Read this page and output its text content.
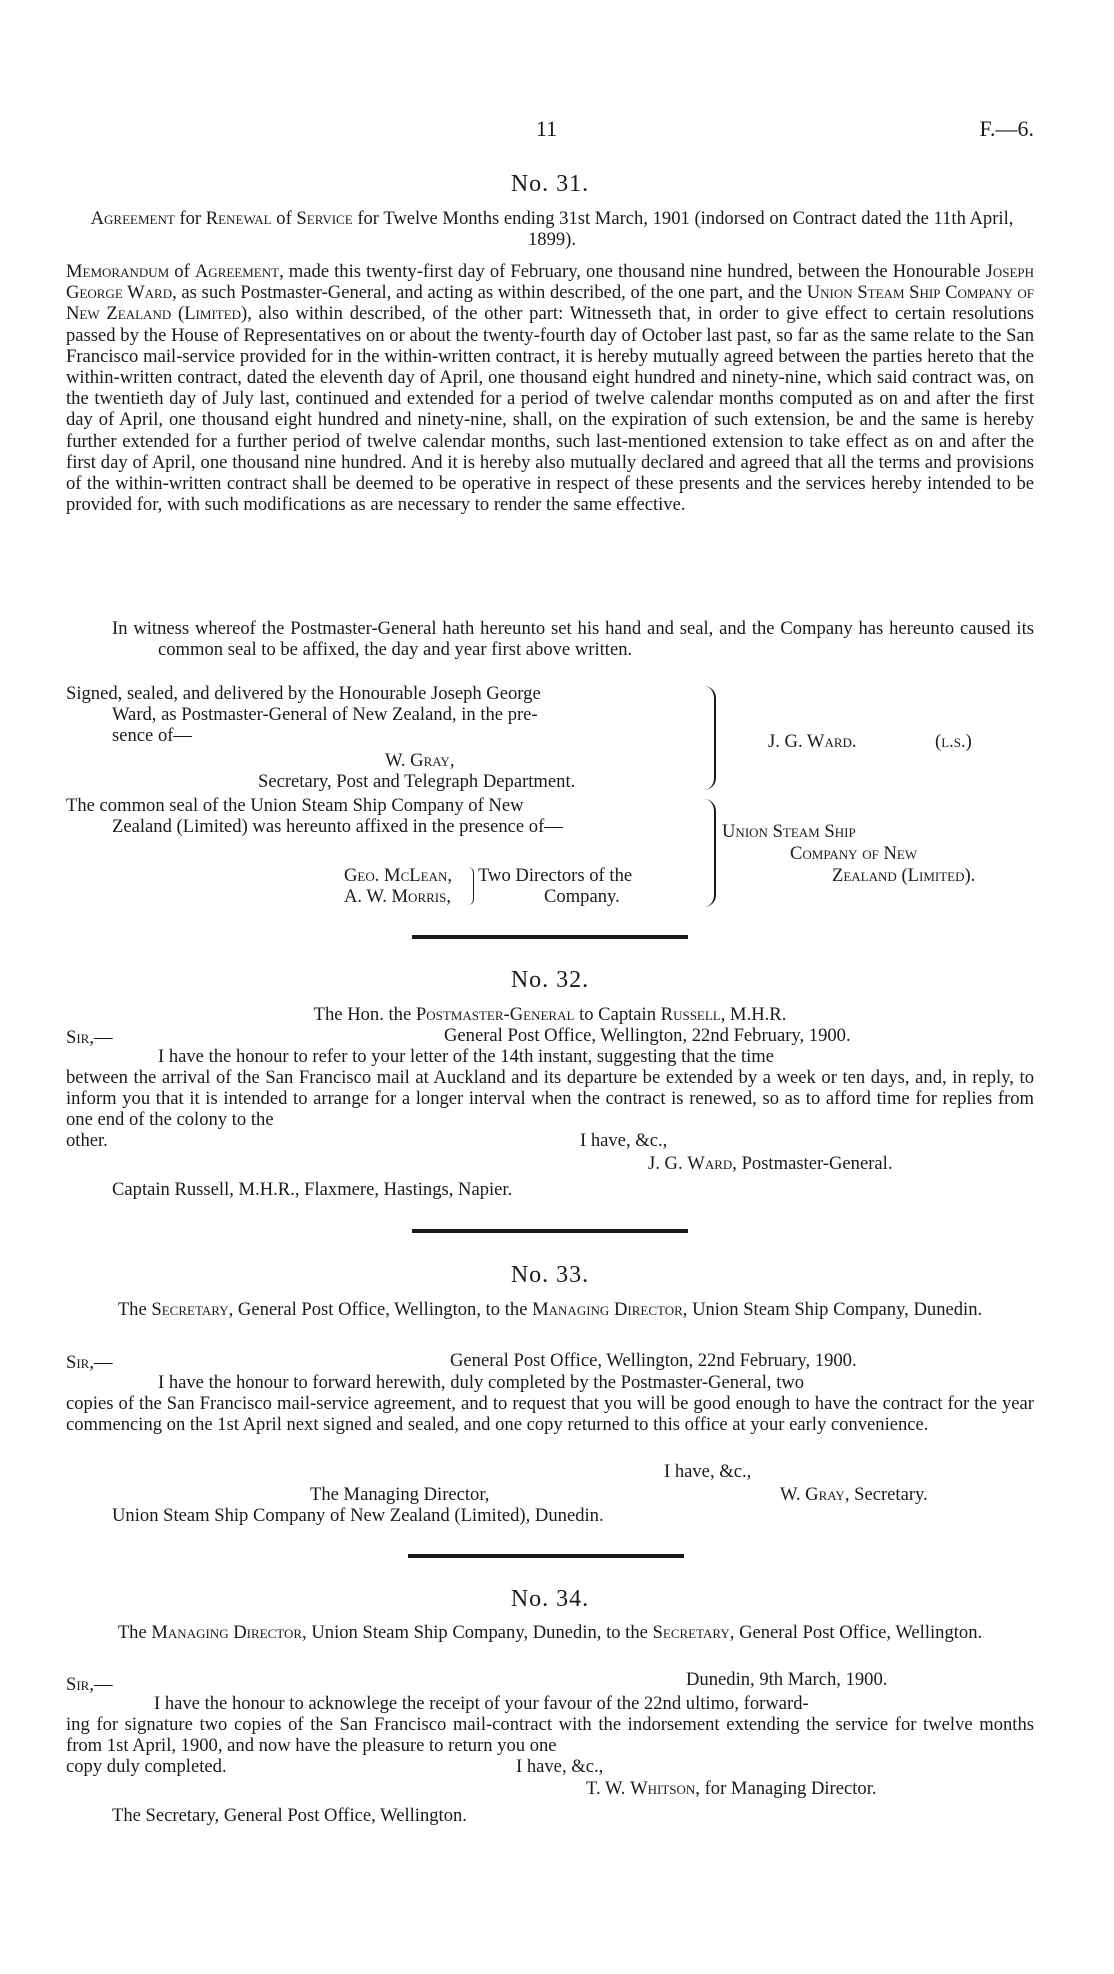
11	F.—6.
No. 31.
Agreement for Renewal of Service for Twelve Months ending 31st March, 1901 (indorsed on Contract dated the 11th April, 1899).
Memorandum of Agreement, made this twenty-first day of February, one thousand nine hundred, between the Honourable Joseph George Ward, as such Postmaster-General, and acting as within described, of the one part, and the Union Steam Ship Company of New Zealand (Limited), also within described, of the other part: Witnesseth that, in order to give effect to certain resolutions passed by the House of Representatives on or about the twenty-fourth day of October last past, so far as the same relate to the San Francisco mail-service provided for in the within-written contract, it is hereby mutually agreed between the parties hereto that the within-written contract, dated the eleventh day of April, one thousand eight hundred and ninety-nine, which said contract was, on the twentieth day of July last, continued and extended for a period of twelve calendar months computed as on and after the first day of April, one thousand eight hundred and ninety-nine, shall, on the expiration of such extension, be and the same is hereby further extended for a further period of twelve calendar months, such last-mentioned extension to take effect as on and after the first day of April, one thousand nine hundred. And it is hereby also mutually declared and agreed that all the terms and provisions of the within-written contract shall be deemed to be operative in respect of these presents and the services hereby intended to be provided for, with such modifications as are necessary to render the same effective.
In witness whereof the Postmaster-General hath hereunto set his hand and seal, and the Company has hereunto caused its common seal to be affixed, the day and year first above written.
Signed, sealed, and delivered by the Honourable Joseph George
Ward, as Postmaster-General of New Zealand, in the pre-
sence of—
W. Gray,
Secretary, Post and Telegraph Department.
J. G. Ward.	(l.s.)
The common seal of the Union Steam Ship Company of New
Zealand (Limited) was hereunto affixed in the presence of—
Geo. McLean,
A. W. Morris,
Two Directors of the
Company.
Union Steam Ship
Company of New
Zealand (Limited).
No. 32.
The Hon. the Postmaster-General to Captain Russell, M.H.R.
Sir,—	General Post Office, Wellington, 22nd February, 1900.
I have the honour to refer to your letter of the 14th instant, suggesting that the time
between the arrival of the San Francisco mail at Auckland and its departure be extended by a week or ten days, and, in reply, to inform you that it is intended to arrange for a longer interval when the contract is renewed, so as to afford time for replies from one end of the colony to the
other.	I have, &c.,
J. G. Ward, Postmaster-General.
Captain Russell, M.H.R., Flaxmere, Hastings, Napier.
No. 33.
The Secretary, General Post Office, Wellington, to the Managing Director, Union Steam Ship Company, Dunedin.
Sir,—	General Post Office, Wellington, 22nd February, 1900.
I have the honour to forward herewith, duly completed by the Postmaster-General, two
copies of the San Francisco mail-service agreement, and to request that you will be good enough to have the contract for the year commencing on the 1st April next signed and sealed, and one copy returned to this office at your early convenience.
I have, &c.,
The Managing Director,	W. Gray, Secretary.
Union Steam Ship Company of New Zealand (Limited), Dunedin.
No. 34.
The Managing Director, Union Steam Ship Company, Dunedin, to the Secretary, General Post Office, Wellington.
Sir,—	Dunedin, 9th March, 1900.
I have the honour to acknowlege the receipt of your favour of the 22nd ultimo, forward-
ing for signature two copies of the San Francisco mail-contract with the indorsement extending the service for twelve months from 1st April, 1900, and now have the pleasure to return you one
copy duly completed.	I have, &c.,
T. W. Whitson, for Managing Director.
The Secretary, General Post Office, Wellington.
